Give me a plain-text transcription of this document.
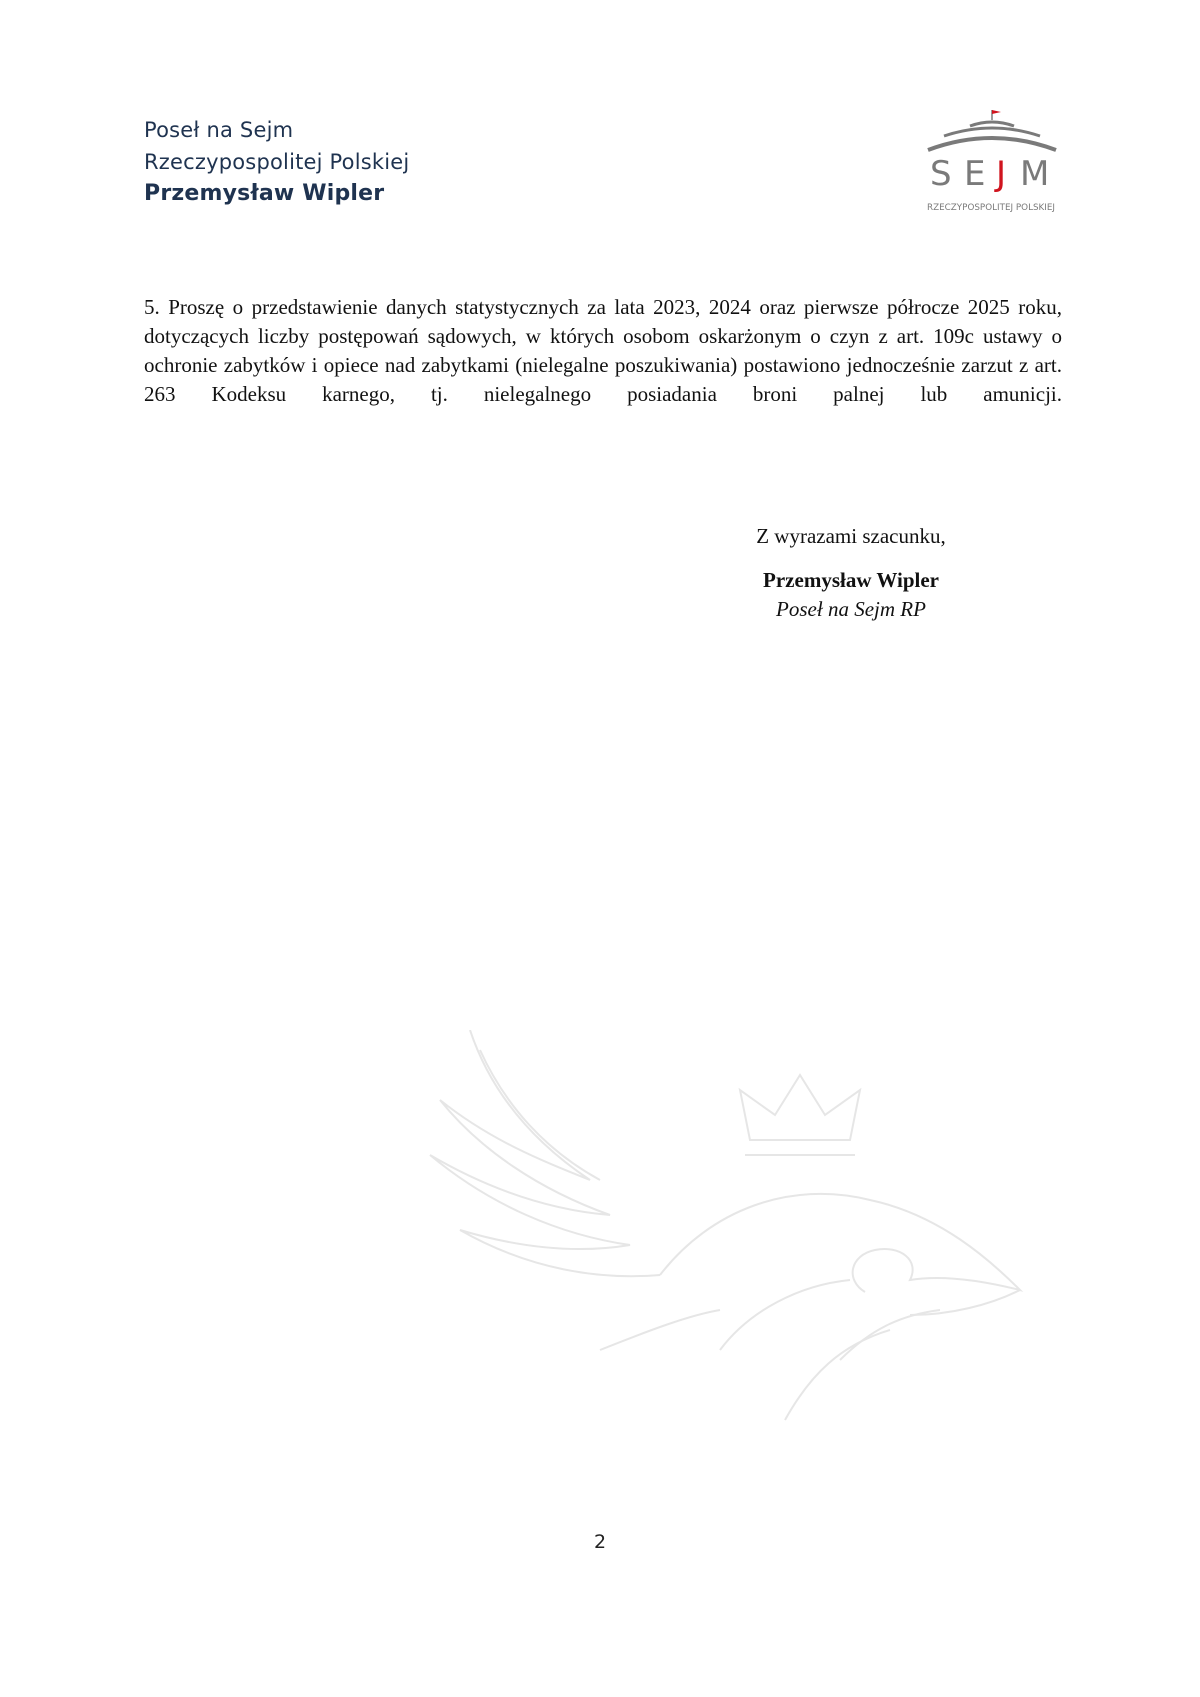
Poseł na Sejm
Rzeczypospolitej Polskiej
Przemysław Wipler	S E J M
RZECZYPOSPOLITEJ POLSKIEJ

5. Proszę o przedstawienie danych statystycznych za lata 2023, 2024 oraz pierwsze półrocze 2025 roku, dotyczących liczby postępowań sądowych, w których osobom oskarżonym o czyn z art. 109c ustawy o ochronie zabytków i opiece nad zabytkami (nielegalne poszukiwania) postawiono jednocześnie zarzut z art. 263 Kodeksu karnego, tj. nielegalnego posiadania broni palnej lub amunicji.

Z wyrazami szacunku,
Przemysław Wipler
Poseł na Sejm RP
2
